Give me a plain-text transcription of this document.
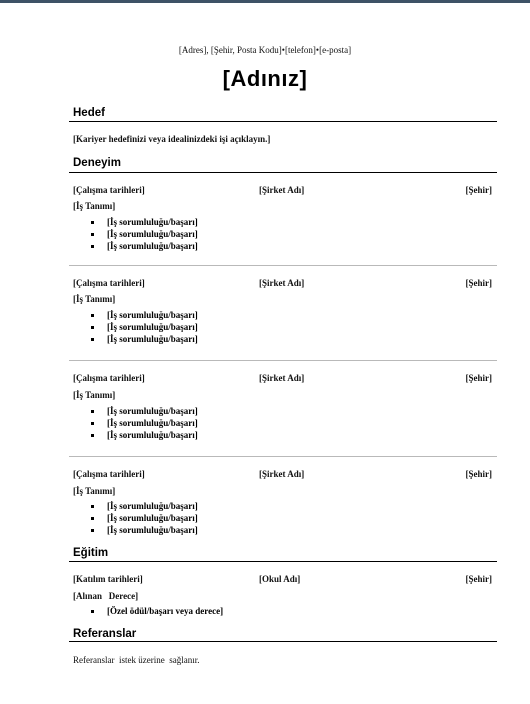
[Adres], [Şehir, Posta Kodu]•[telefon]•[e-posta]
[Adınız]
Hedef
[Kariyer hedefinizi veya idealinizdeki işi açıklayın.]
Deneyim
[Çalışma tarihleri]	[Şirket Adı]	[Şehir]
[İş Tanımı]
[İş sorumluluğu/başarı]
[İş sorumluluğu/başarı]
[İş sorumluluğu/başarı]
[Çalışma tarihleri]	[Şirket Adı]	[Şehir]
[İş Tanımı]
[İş sorumluluğu/başarı]
[İş sorumluluğu/başarı]
[İş sorumluluğu/başarı]
[Çalışma tarihleri]	[Şirket Adı]	[Şehir]
[İş Tanımı]
[İş sorumluluğu/başarı]
[İş sorumluluğu/başarı]
[İş sorumluluğu/başarı]
[Çalışma tarihleri]	[Şirket Adı]	[Şehir]
[İş Tanımı]
[İş sorumluluğu/başarı]
[İş sorumluluğu/başarı]
[İş sorumluluğu/başarı]
Eğitim
[Katılım tarihleri]	[Okul Adı]	[Şehir]
[Alınan   Derece]
[Özel ödül/başarı veya derece]
Referanslar
Referanslar  istek üzerine  sağlanır.
